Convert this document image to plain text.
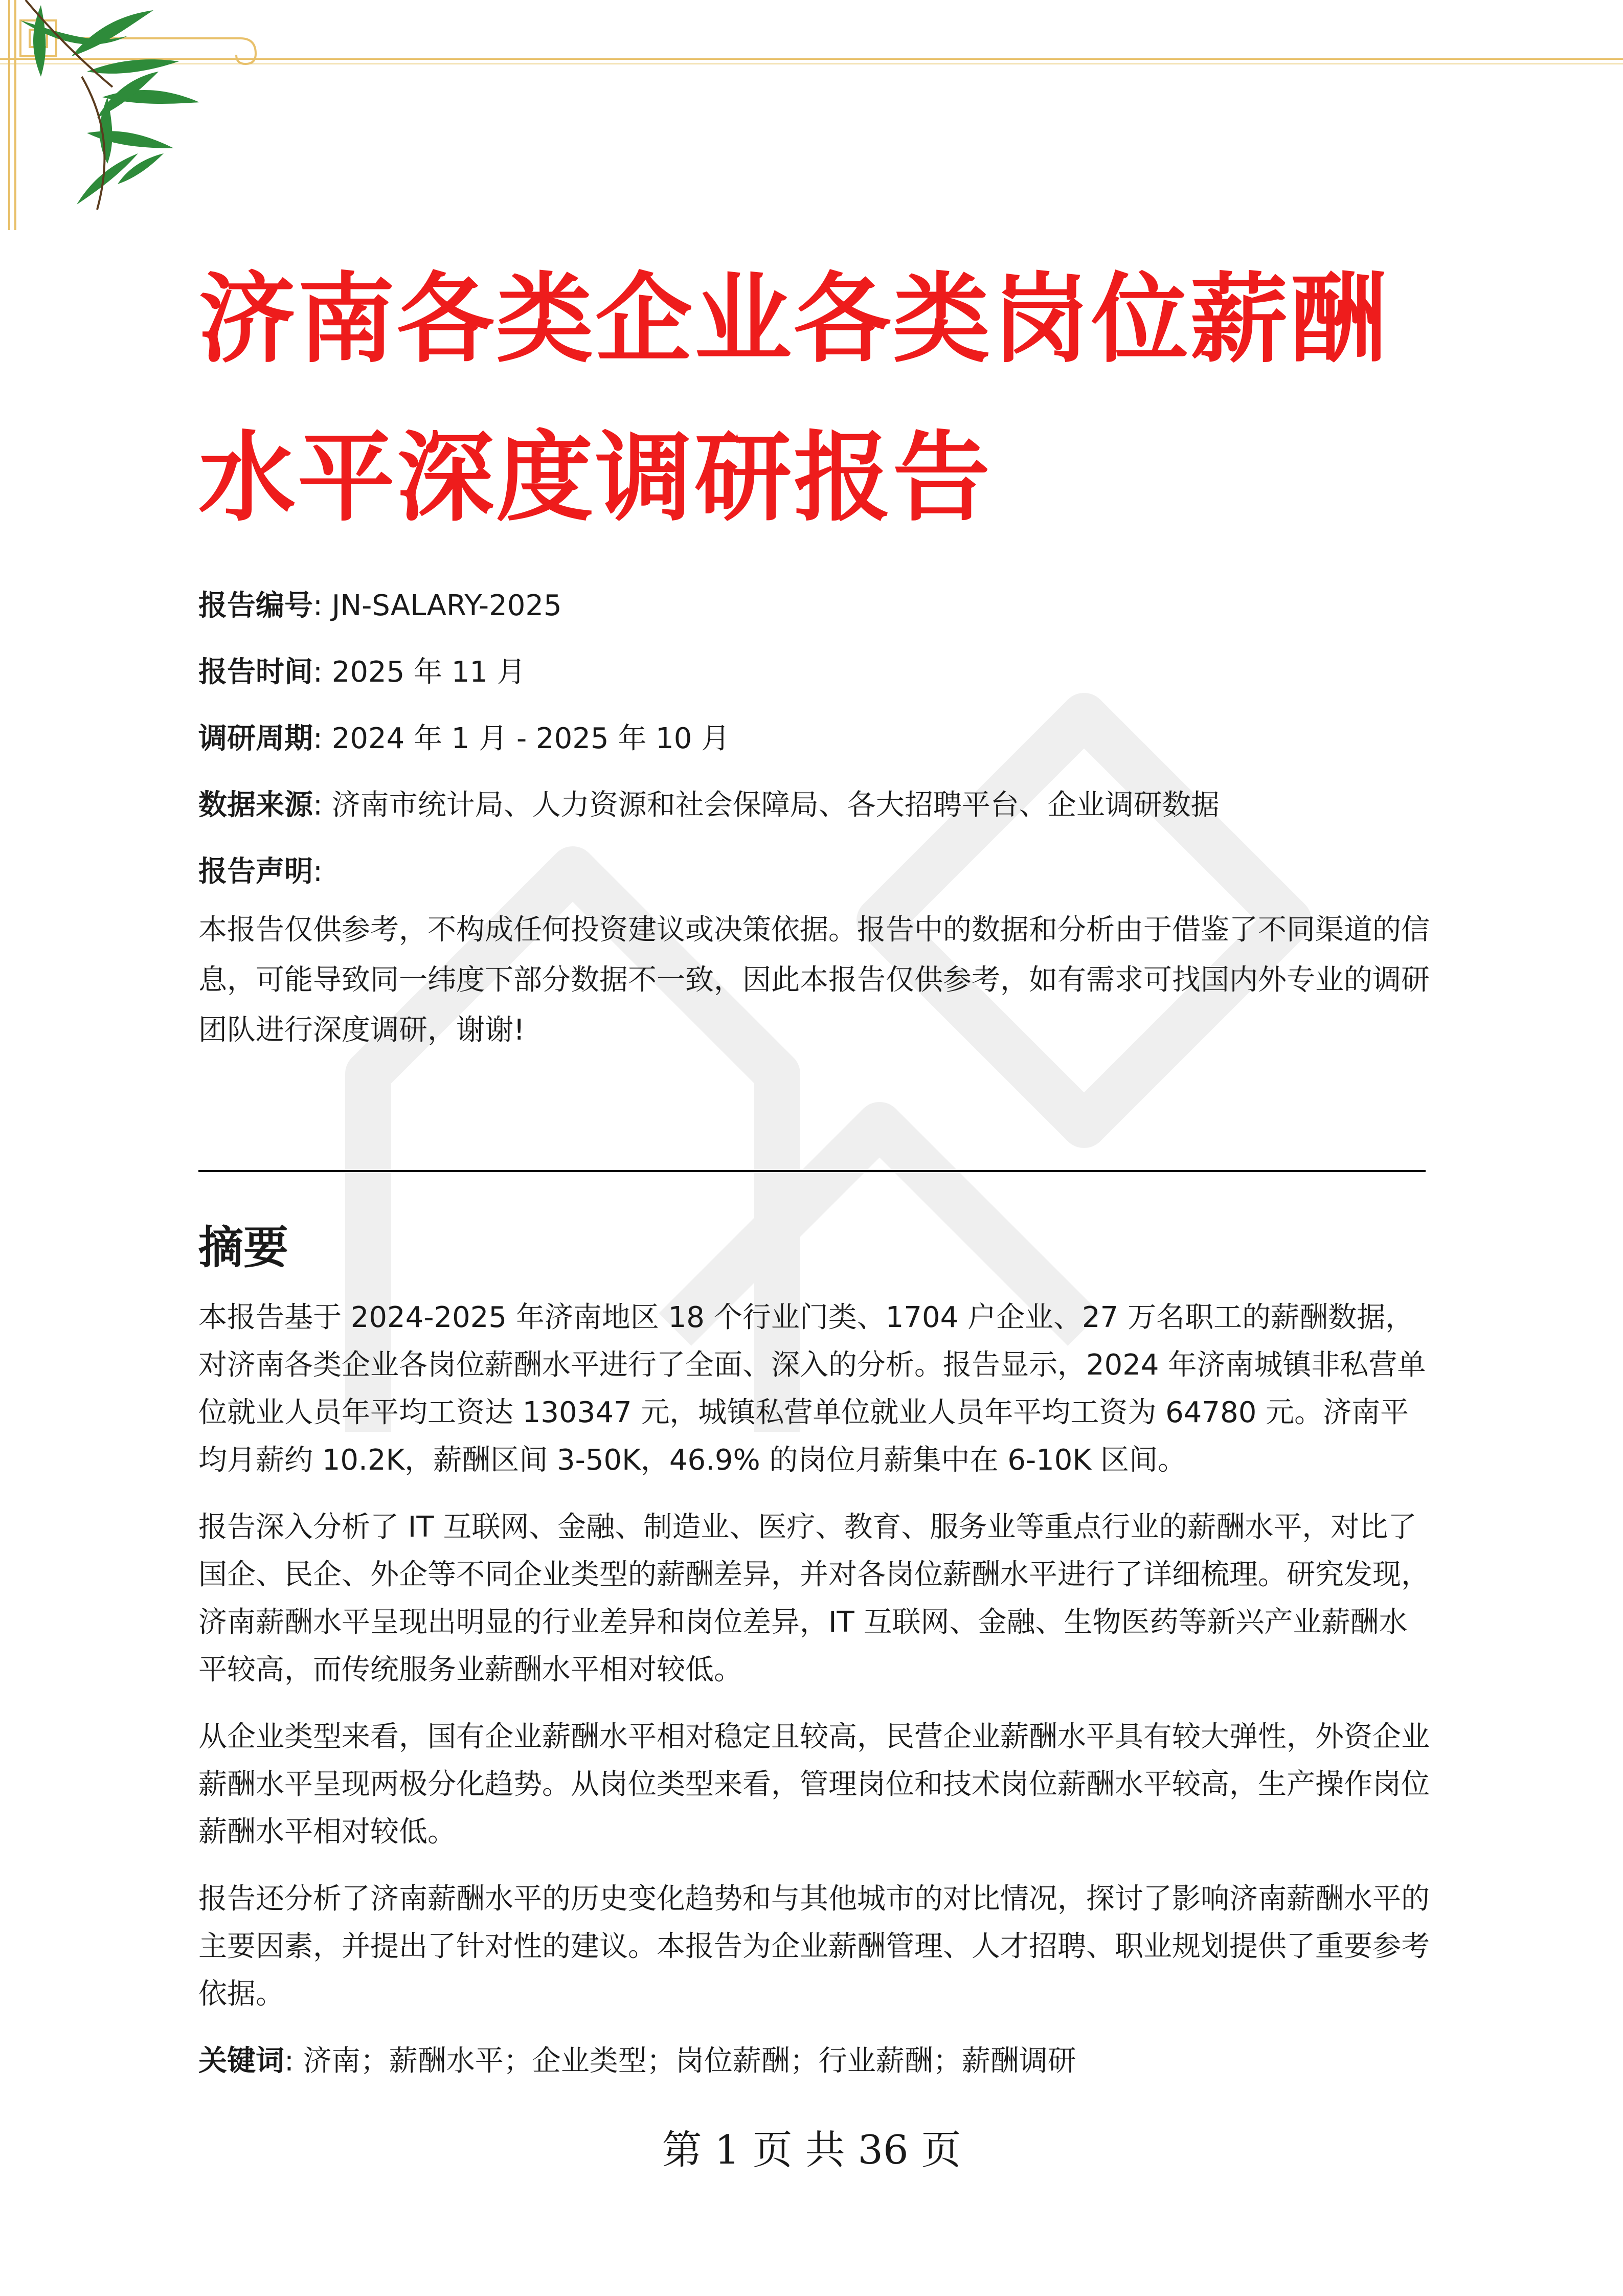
济南各类企业各类岗位薪酬水平深度调研报告
报告编号: JN-SALARY-2025
报告时间: 2025 年 11 月
调研周期: 2024 年 1 月 - 2025 年 10 月
数据来源: 济南市统计局、人力资源和社会保障局、各大招聘平台、企业调研数据
报告声明:

本报告仅供参考，不构成任何投资建议或决策依据。报告中的数据和分析由于借鉴了不同渠道的信息，可能导致同一纬度下部分数据不一致，因此本报告仅供参考，如有需求可找国内外专业的调研团队进行深度调研，谢谢!

摘要

本报告基于 2024-2025 年济南地区 18 个行业门类、1704 户企业、27 万名职工的薪酬数据，对济南各类企业各岗位薪酬水平进行了全面、深入的分析。报告显示，2024 年济南城镇非私营单位就业人员年平均工资达 130347 元，城镇私营单位就业人员年平均工资为 64780 元。济南平均月薪约 10.2K，薪酬区间 3-50K，46.9% 的岗位月薪集中在 6-10K 区间。

报告深入分析了 IT 互联网、金融、制造业、医疗、教育、服务业等重点行业的薪酬水平，对比了国企、民企、外企等不同企业类型的薪酬差异，并对各岗位薪酬水平进行了详细梳理。研究发现，济南薪酬水平呈现出明显的行业差异和岗位差异，IT 互联网、金融、生物医药等新兴产业薪酬水平较高，而传统服务业薪酬水平相对较低。

从企业类型来看，国有企业薪酬水平相对稳定且较高，民营企业薪酬水平具有较大弹性，外资企业薪酬水平呈现两极分化趋势。从岗位类型来看，管理岗位和技术岗位薪酬水平较高，生产操作岗位薪酬水平相对较低。

报告还分析了济南薪酬水平的历史变化趋势和与其他城市的对比情况，探讨了影响济南薪酬水平的主要因素，并提出了针对性的建议。本报告为企业薪酬管理、人才招聘、职业规划提供了重要参考依据。

关键词: 济南；薪酬水平；企业类型；岗位薪酬；行业薪酬；薪酬调研

第 1 页 共 36 页
